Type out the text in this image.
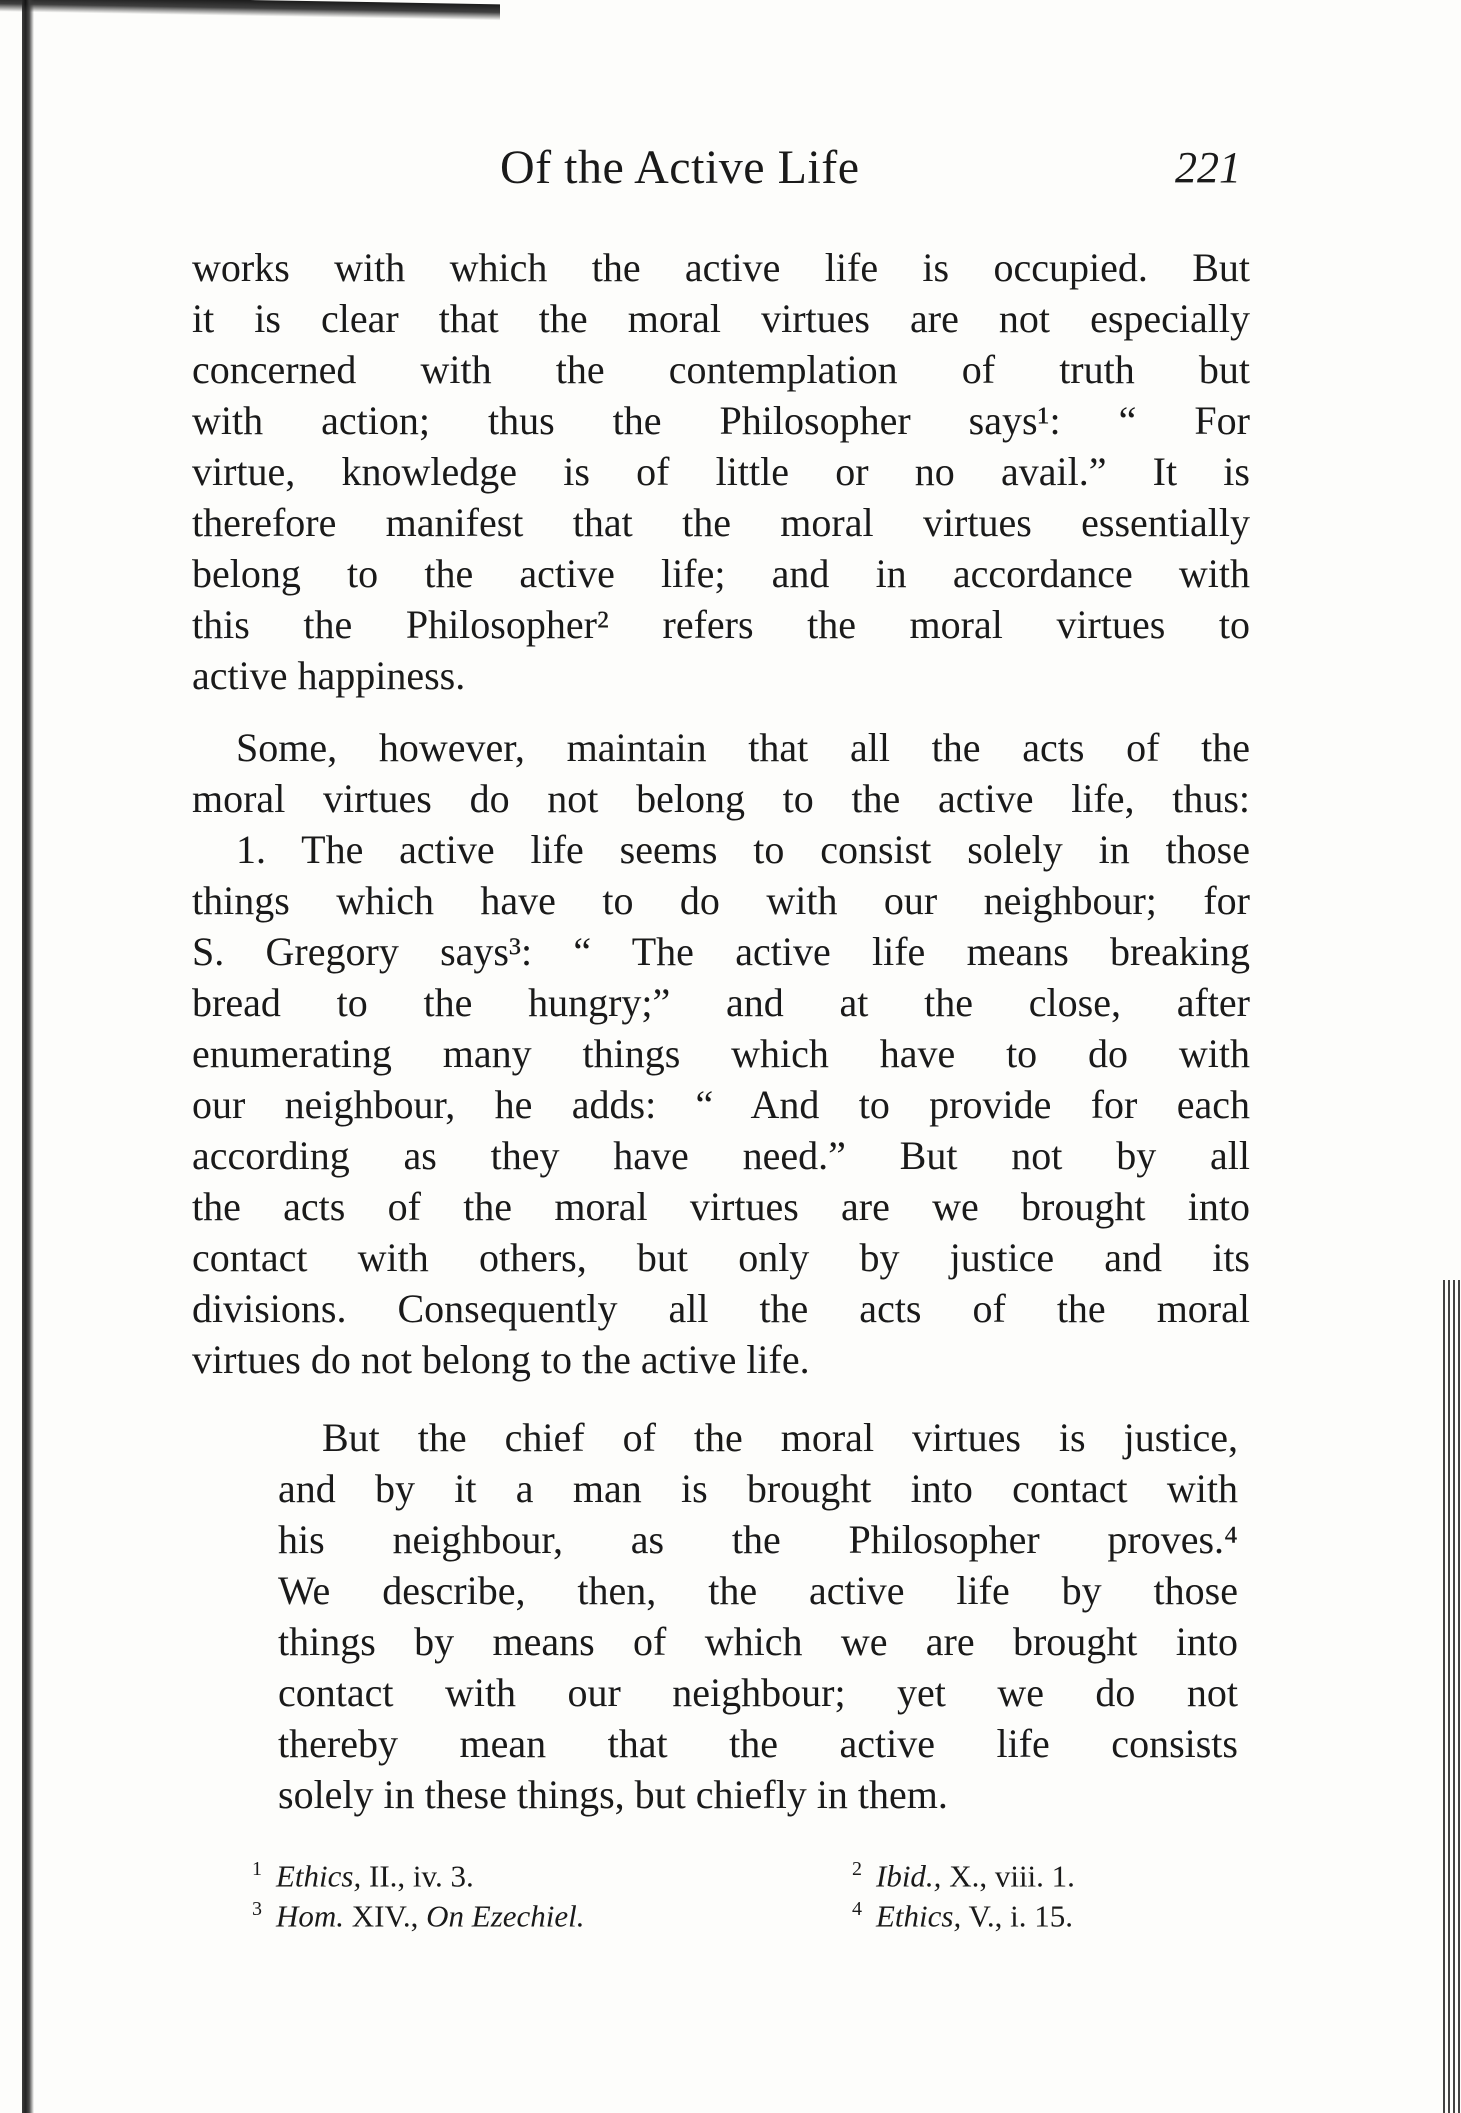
Of the Active Life	221
works with which the active life is occupied. But
it is clear that the moral virtues are not especially
concerned with the contemplation of truth but
with action; thus the Philosopher says¹: “ For
virtue, knowledge is of little or no avail.” It is
therefore manifest that the moral virtues essentially
belong to the active life; and in accordance with
this the Philosopher² refers the moral virtues to
active happiness.
Some, however, maintain that all the acts of the
moral virtues do not belong to the active life, thus:
1. The active life seems to consist solely in those
things which have to do with our neighbour; for
S. Gregory says³: “ The active life means breaking
bread to the hungry;” and at the close, after
enumerating many things which have to do with
our neighbour, he adds: “ And to provide for each
according as they have need.” But not by all
the acts of the moral virtues are we brought into
contact with others, but only by justice and its
divisions. Consequently all the acts of the moral
virtues do not belong to the active life.
But the chief of the moral virtues is justice,
and by it a man is brought into contact with
his neighbour, as the Philosopher proves.⁴
We describe, then, the active life by those
things by means of which we are brought into
contact with our neighbour; yet we do not
thereby mean that the active life consists
solely in these things, but chiefly in them.
$^1$ Ethics, II., iv. 3.	$^2$ Ibid., X., viii. 1.
$^3$ Hom. XIV., On Ezechiel.	$^4$ Ethics, V., i. 15.
